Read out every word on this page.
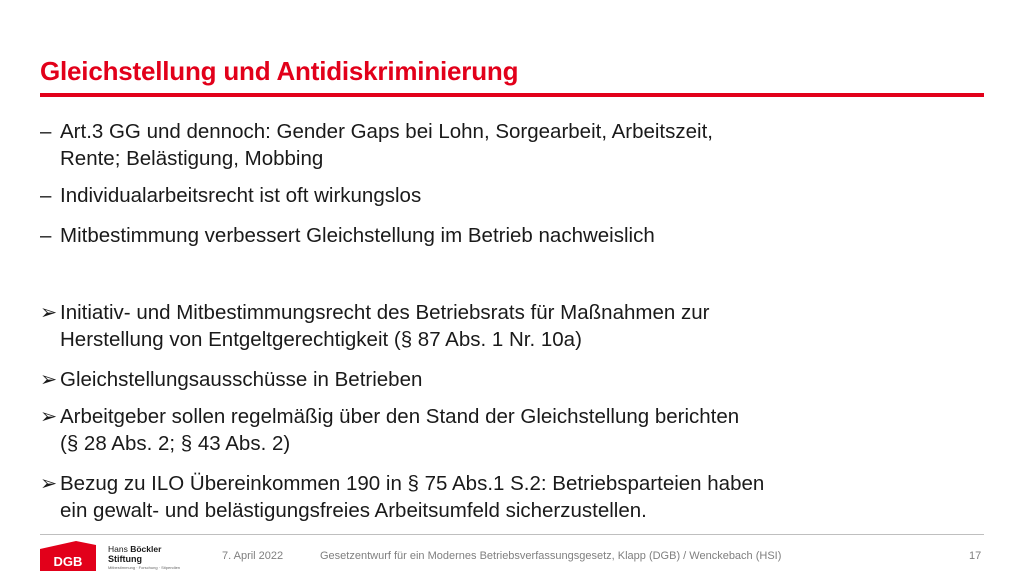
Gleichstellung und Antidiskriminierung
– Art.3 GG und dennoch: Gender Gaps bei Lohn, Sorgearbeit, Arbeitszeit,
Rente; Belästigung, Mobbing
– Individualarbeitsrecht ist oft wirkungslos
– Mitbestimmung verbessert Gleichstellung im Betrieb nachweislich
➢ Initiativ- und Mitbestimmungsrecht des Betriebsrats für Maßnahmen zur
Herstellung von Entgeltgerechtigkeit (§ 87 Abs. 1 Nr. 10a)
➢ Gleichstellungsausschüsse in Betrieben
➢ Arbeitgeber sollen regelmäßig über den Stand der Gleichstellung berichten
(§ 28 Abs. 2; § 43 Abs. 2)
➢ Bezug zu ILO Übereinkommen 190 in § 75 Abs.1 S.2: Betriebsparteien haben
ein gewalt- und belästigungsfreies Arbeitsumfeld sicherzustellen.
DGB
Hans Böckler
Stiftung
Mitbestimmung · Forschung · Stipendien
7. April 2022	Gesetzentwurf für ein Modernes Betriebsverfassungsgesetz, Klapp (DGB) / Wenckebach (HSI)	17
